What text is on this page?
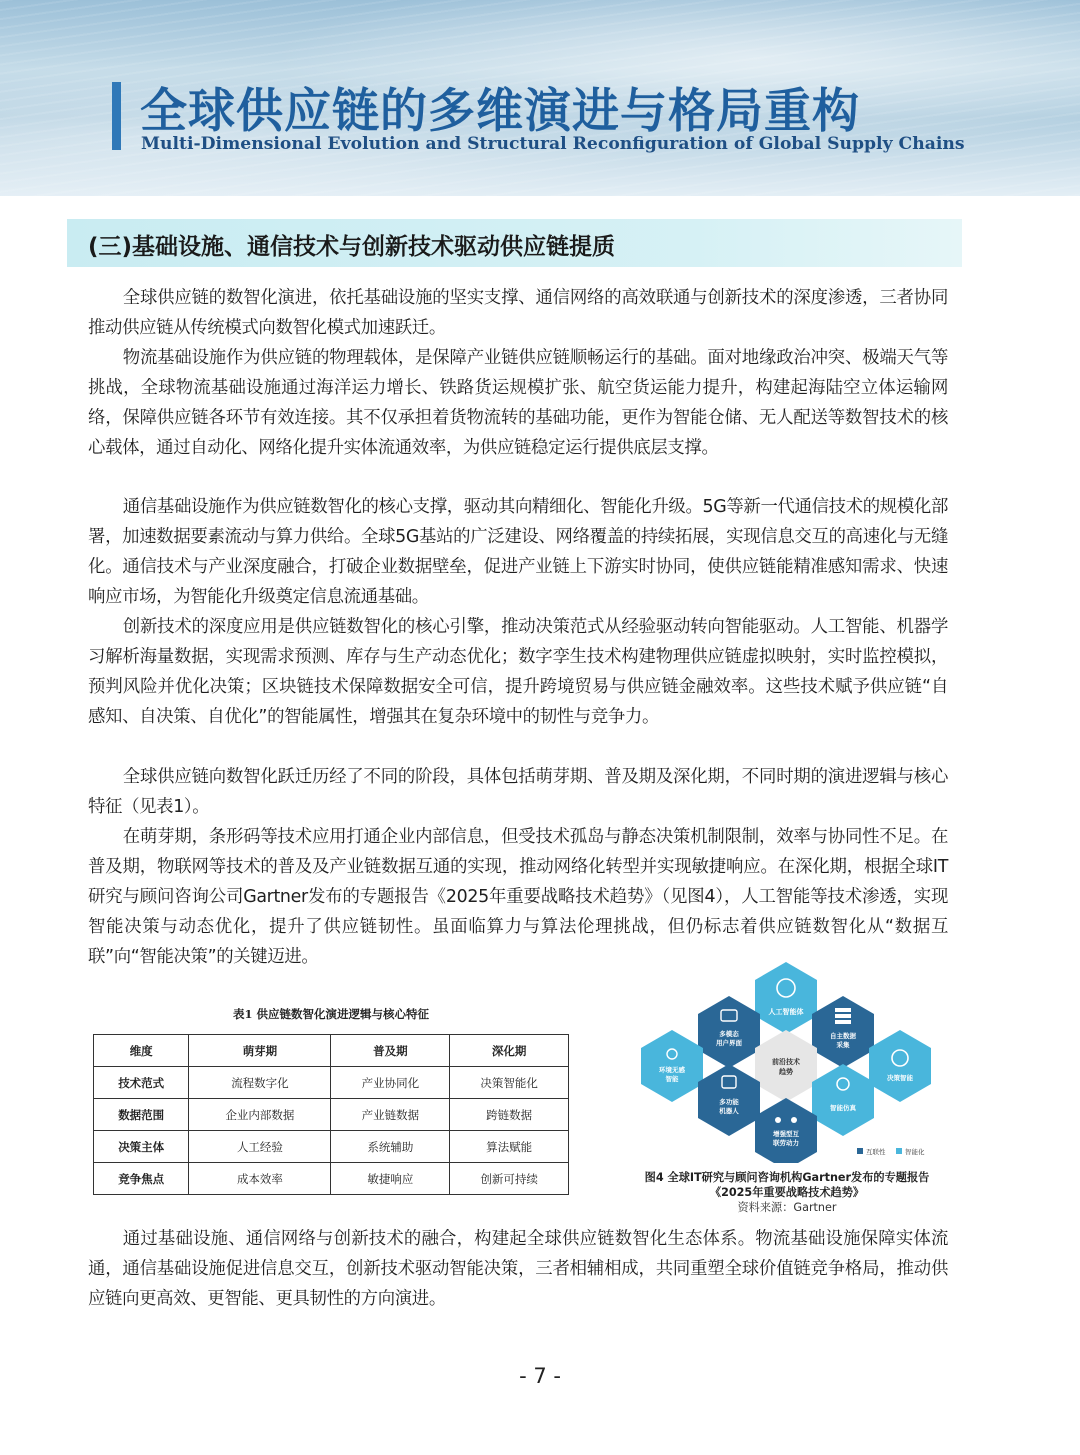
全球供应链的多维演进与格局重构
Multi-Dimensional Evolution and Structural Reconfiguration of Global Supply Chains
(三)基础设施、通信技术与创新技术驱动供应链提质

全球供应链的数智化演进，依托基础设施的坚实支撑、通信网络的高效联通与创新技术的深度渗透，三者协同推动供应链从传统模式向数智化模式加速跃迁。

物流基础设施作为供应链的物理载体，是保障产业链供应链顺畅运行的基础。面对地缘政治冲突、极端天气等挑战，全球物流基础设施通过海洋运力增长、铁路货运规模扩张、航空货运能力提升，构建起海陆空立体运输网络，保障供应链各环节有效连接。其不仅承担着货物流转的基础功能，更作为智能仓储、无人配送等数智技术的核心载体，通过自动化、网络化提升实体流通效率，为供应链稳定运行提供底层支撑。

通信基础设施作为供应链数智化的核心支撑，驱动其向精细化、智能化升级。5G等新一代通信技术的规模化部署，加速数据要素流动与算力供给。全球5G基站的广泛建设、网络覆盖的持续拓展，实现信息交互的高速化与无缝化。通信技术与产业深度融合，打破企业数据壁垒，促进产业链上下游实时协同，使供应链能精准感知需求、快速响应市场，为智能化升级奠定信息流通基础。

创新技术的深度应用是供应链数智化的核心引擎，推动决策范式从经验驱动转向智能驱动。人工智能、机器学习解析海量数据，实现需求预测、库存与生产动态优化；数字孪生技术构建物理供应链虚拟映射，实时监控模拟，预判风险并优化决策；区块链技术保障数据安全可信，提升跨境贸易与供应链金融效率。这些技术赋予供应链“自感知、自决策、自优化”的智能属性，增强其在复杂环境中的韧性与竞争力。

全球供应链向数智化跃迁历经了不同的阶段，具体包括萌芽期、普及期及深化期，不同时期的演进逻辑与核心特征（见表1）。

在萌芽期，条形码等技术应用打通企业内部信息，但受技术孤岛与静态决策机制限制，效率与协同性不足。在普及期，物联网等技术的普及及产业链数据互通的实现，推动网络化转型并实现敏捷响应。在深化期，根据全球IT研究与顾问咨询公司Gartner发布的专题报告《2025年重要战略技术趋势》（见图4），人工智能等技术渗透，实现智能决策与动态优化，提升了供应链韧性。虽面临算力与算法伦理挑战，但仍标志着供应链数智化从“数据互联”向“智能决策”的关键迈进。

通过基础设施、通信网络与创新技术的融合，构建起全球供应链数智化生态体系。物流基础设施保障实体流通，通信基础设施促进信息交互，创新技术驱动智能决策，三者相辅相成，共同重塑全球价值链竞争格局，推动供应链向更高效、更智能、更具韧性的方向演进。

表1 供应链数智化演进逻辑与核心特征
维度	萌芽期	普及期	深化期
技术范式	流程数字化	产业协同化	决策智能化
数据范围	企业内部数据	产业链数据	跨链数据
决策主体	人工经验	系统辅助	算法赋能
竞争焦点	成本效率	敏捷响应	创新可持续
人工智能体
多模态
用户界面
自主数据
采集
环境无感
智能
前沿技术
趋势
决策智能
多功能
机器人	智能仿真
增强型互
联劳动力
互联性	智能化
图4 全球IT研究与顾问咨询机构Gartner发布的专题报告
《2025年重要战略技术趋势》
资料来源：Gartner
- 7 -
